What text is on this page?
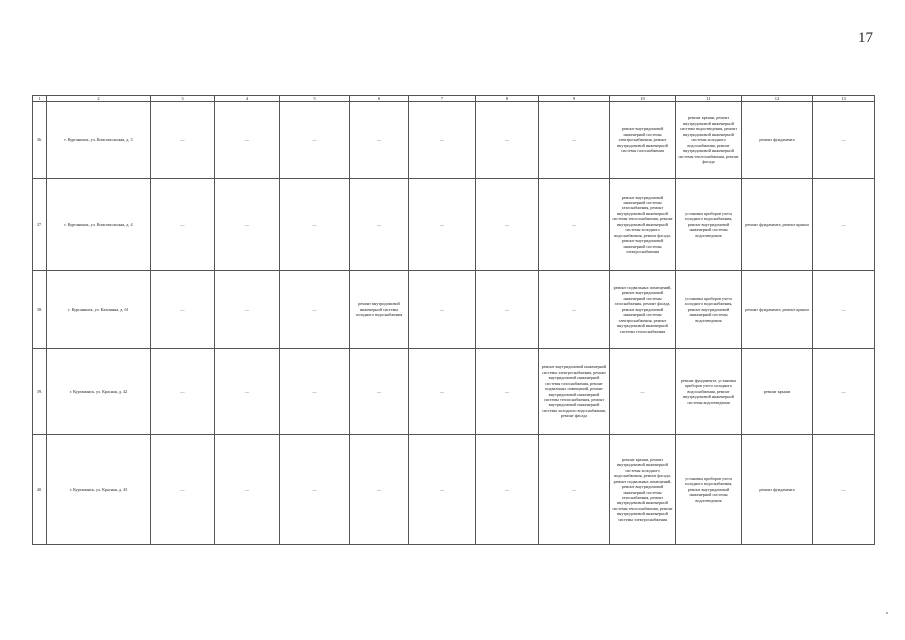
17
1	2	3	4	5	6	7	8	9	10	11	12	13
36.	г. Курганинск, ул. Комсомольская, д. 3	—	—	—	—	—	—	—	ремонт внутридомовой инженерной системы электроснабжения, ремонт внутридомовой инженерной системы газоснабжения	ремонт крыши, ремонт внутридомовой инженерной системы водоотведения, ремонт внутридомовой инженерной системы холодного водоснабжения, ремонт внутридомовой инженерной системы теплоснабжения, ремонт фасада	ремонт фундамента	—
37.	г. Курганинск, ул. Комсомольская, д. 4	—	—	—	—	—	—	—	ремонт внутридомовой инженерной системы газоснабжения, ремонт внутридомовой инженерной системы теплоснабжения, ремонт внутридомовой инженерной системы холодного водоснабжения, ремонт фасада, ремонт внутридомовой инженерной системы электроснабжения	установка приборов учета холодного водоснабжения, ремонт внутридомовой инженерной системы водоотведения	ремонт фундамента, ремонт крыши	—
38.	г. Курганинск, ул. Калинина, д. 61	—	—	—	ремонт внутридомовой инженерной системы холодного водоснабжения	—	—	—	ремонт подвальных помещений, ремонт внутридомовой инженерной системы газоснабжения, ремонт фасада, ремонт внутридомовой инженерной системы электроснабжения, ремонт внутридомовой инженерной системы теплоснабжения	установка приборов учета холодного водоснабжения, ремонт внутридомовой инженерной системы водоотведения	ремонт фундамента, ремонт крыши	—
39.	г. Курганинск, ул. Красная, д. 42	—	—	—	—	—	—	ремонт внутридомовой инженерной системы электроснабжения, ремонт внутридомовой инженерной системы газоснабжения, ремонт подвальных помещений, ремонт внутридомовой инженерной системы теплоснабжения, ремонт внутридомовой инженерной системы холодного водоснабжения, ремонт фасада	—	ремонт фундамента, установка приборов учета холодного водоснабжения, ремонт внутридомовой инженерной системы водоотведения	ремонт крыши	—
40.	г. Курганинск, ул. Красная, д. 43	—	—	—	—	—	—	—	ремонт крыши, ремонт внутридомовой инженерной системы холодного водоснабжения, ремонт фасада, ремонт подвальных помещений, ремонт внутридомовой инженерной системы газоснабжения, ремонт внутридомовой инженерной системы теплоснабжения, ремонт внутридомовой инженерной системы электроснабжения	установка приборов учета холодного водоснабжения, ремонт внутридомовой инженерной системы водоотведения	ремонт фундамента	—
